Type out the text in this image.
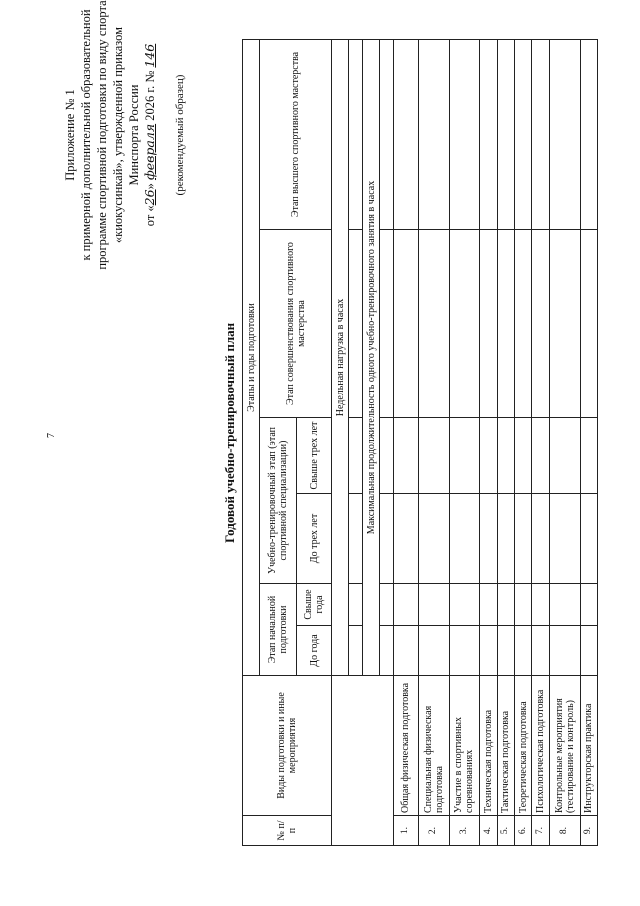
7
Приложение № 1 к примерной дополнительной образовательной программе спортивной подготовки по виду спорта «киокусинкай», утвержденной приказом Минспорта России
от «26» февраля 2026 г. № 146
(рекомендуемый образец)
Годовой учебно-тренировочный план
№ п/п	Виды подготовки и иные мероприятия	Этапы и годы подготовки					
		Этап начальной подготовки		Учебно-тренировочный этап (этап спортивной специализации)		Этап совершенствования спортивного мастерства	Этап высшего спортивного мастерства
		До года	Свыше года	До трех лет	Свыше трех лет		
		Недельная нагрузка в часах					

		Максимальная продолжительность одного учебно-тренировочного занятия в часах					

1.	Общая физическая подготовка						
2.	Специальная физическая подготовка						
3.	Участие в спортивных соревнованиях						
4.	Техническая подготовка						
5.	Тактическая подготовка						
6.	Теоретическая подготовка						
7.	Психологическая подготовка						
8.	Контрольные мероприятия (тестирование и контроль)						
9.	Инструкторская практика						
